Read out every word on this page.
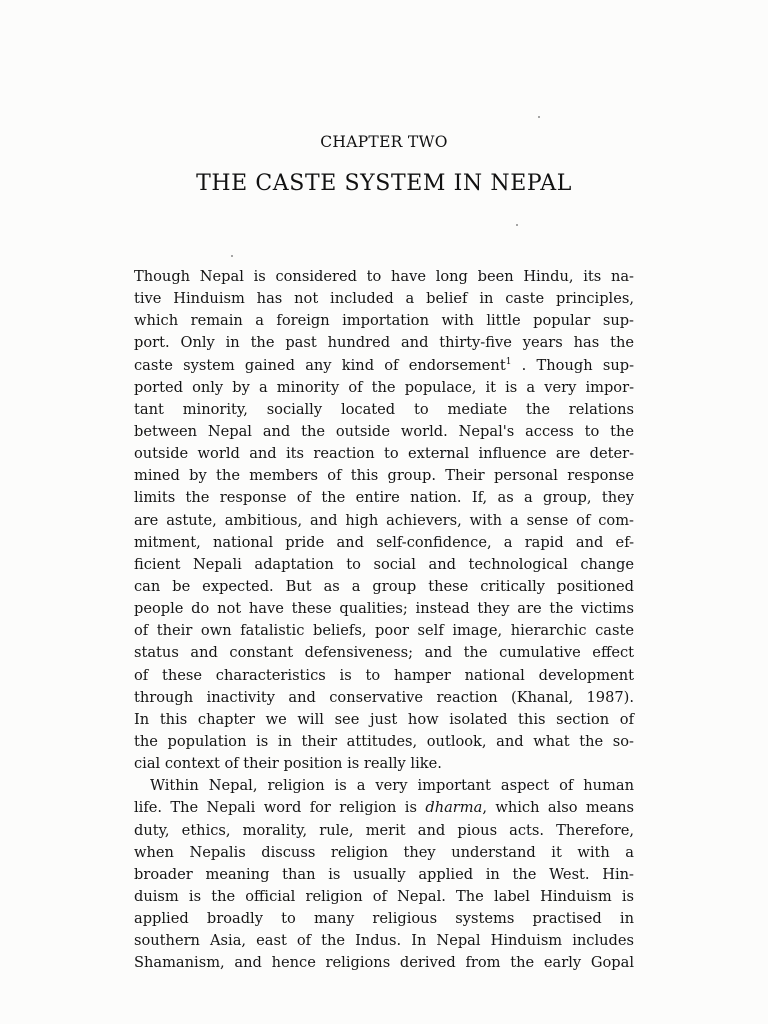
CHAPTER TWO
THE CASTE SYSTEM IN NEPAL
Though Nepal is considered to have long been Hindu, its na-
tive Hinduism has not included a belief in caste principles,
which remain a foreign importation with little popular sup-
port. Only in the past hundred and thirty-five years has the
caste system gained any kind of endorsement$^1$ . Though sup-
ported only by a minority of the populace, it is a very impor-
tant minority, socially located to mediate the relations
between Nepal and the outside world. Nepal's access to the
outside world and its reaction to external influence are deter-
mined by the members of this group. Their personal response
limits the response of the entire nation. If, as a group, they
are astute, ambitious, and high achievers, with a sense of com-
mitment, national pride and self-confidence, a rapid and ef-
ficient Nepali adaptation to social and technological change
can be expected. But as a group these critically positioned
people do not have these qualities; instead they are the victims
of their own fatalistic beliefs, poor self image, hierarchic caste
status and constant defensiveness; and the cumulative effect
of these characteristics is to hamper national development
through inactivity and conservative reaction (Khanal, 1987).
In this chapter we will see just how isolated this section of
the population is in their attitudes, outlook, and what the so-
cial context of their position is really like.
Within Nepal, religion is a very important aspect of human
life. The Nepali word for religion is dharma, which also means
duty, ethics, morality, rule, merit and pious acts. Therefore,
when Nepalis discuss religion they understand it with a
broader meaning than is usually applied in the West. Hin-
duism is the official religion of Nepal. The label Hinduism is
applied broadly to many religious systems practised in
southern Asia, east of the Indus. In Nepal Hinduism includes
Shamanism, and hence religions derived from the early Gopal
